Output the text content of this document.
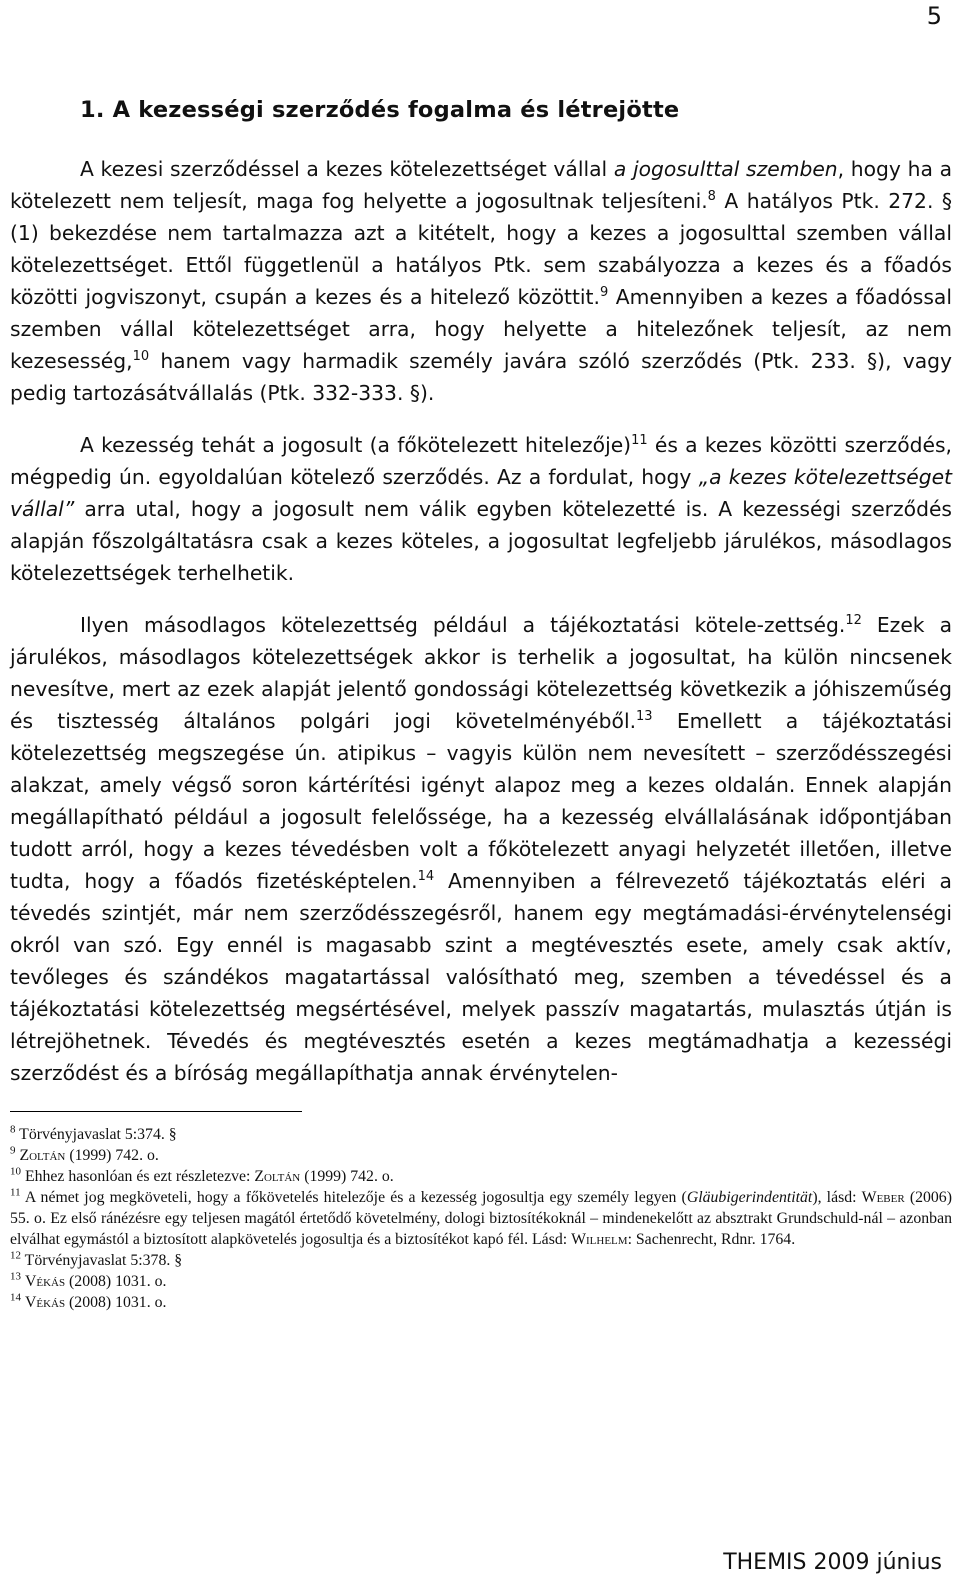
5
1. A kezességi szerződés fogalma és létrejötte

A kezesi szerződéssel a kezes kötelezettséget vállal a jogosulttal szemben, hogy ha a kötelezett nem teljesít, maga fog helyette a jogosultnak teljesíteni.$^8$ A hatályos Ptk. 272. § (1) bekezdése nem tartalmazza azt a kitételt, hogy a kezes a jogosulttal szemben vállal kötelezettséget. Ettől függetlenül a hatályos Ptk. sem szabályozza a kezes és a főadós közötti jogviszonyt, csupán a kezes és a hitelező közöttit.$^9$ Amennyiben a kezes a főadóssal szemben vállal kötelezettséget arra, hogy helyette a hitelezőnek teljesít, az nem kezesesség,$^{10}$ hanem vagy harmadik személy javára szóló szerződés (Ptk. 233. §), vagy pedig tartozásátvállalás (Ptk. 332-333. §).

A kezesség tehát a jogosult (a főkötelezett hitelezője)$^{11}$ és a kezes közötti szerződés, mégpedig ún. egyoldalúan kötelező szerződés. Az a fordulat, hogy „a kezes kötelezettséget vállal” arra utal, hogy a jogosult nem válik egyben kötelezetté is. A kezességi szerződés alapján főszolgáltatásra csak a kezes köteles, a jogosultat legfeljebb járulékos, másodlagos kötelezettségek terhelhetik.

Ilyen másodlagos kötelezettség például a tájékoztatási kötele-zettség.$^{12}$ Ezek a járulékos, másodlagos kötelezettségek akkor is terhelik a jogosultat, ha külön nincsenek nevesítve, mert az ezek alapját jelentő gondossági kötelezettség következik a jóhiszeműség és tisztesség általános polgári jogi követelményéből.$^{13}$ Emellett a tájékoztatási kötelezettség megszegése ún. atipikus – vagyis külön nem nevesített – szerződésszegési alakzat, amely végső soron kártérítési igényt alapoz meg a kezes oldalán. Ennek alapján megállapítható például a jogosult felelőssége, ha a kezesség elvállalásának időpontjában tudott arról, hogy a kezes tévedésben volt a főkötelezett anyagi helyzetét illetően, illetve tudta, hogy a főadós fizetésképtelen.$^{14}$ Amennyiben a félrevezető tájékoztatás eléri a tévedés szintjét, már nem szerződésszegésről, hanem egy megtámadási-érvénytelenségi okról van szó. Egy ennél is magasabb szint a megtévesztés esete, amely csak aktív, tevőleges és szándékos magatartással valósítható meg, szemben a tévedéssel és a tájékoztatási kötelezettség megsértésével, melyek passzív magatartás, mulasztás útján is létrejöhetnek. Tévedés és megtévesztés esetén a kezes megtámadhatja a kezességi szerződést és a bíróság megállapíthatja annak érvénytelen-

$^8$ Törvényjavaslat 5:374. §

$^9$ Zoltán (1999) 742. o.

$^{10}$ Ehhez hasonlóan és ezt részletezve: Zoltán (1999) 742. o.

$^{11}$ A német jog megköveteli, hogy a főkövetelés hitelezője és a kezesség jogosultja egy személy legyen (Gläubigerindentität), lásd: Weber (2006) 55. o. Ez első ránézésre egy teljesen magától értetődő követelmény, dologi biztosítékoknál – mindenekelőtt az absztrakt Grundschuld-nál – azonban elválhat egymástól a biztosított alapkövetelés jogosultja és a biztosítékot kapó fél. Lásd: Wilhelm: Sachenrecht, Rdnr. 1764.

$^{12}$ Törvényjavaslat 5:378. §

$^{13}$ Vékás (2008) 1031. o.

$^{14}$ Vékás (2008) 1031. o.

THEMIS 2009 június
